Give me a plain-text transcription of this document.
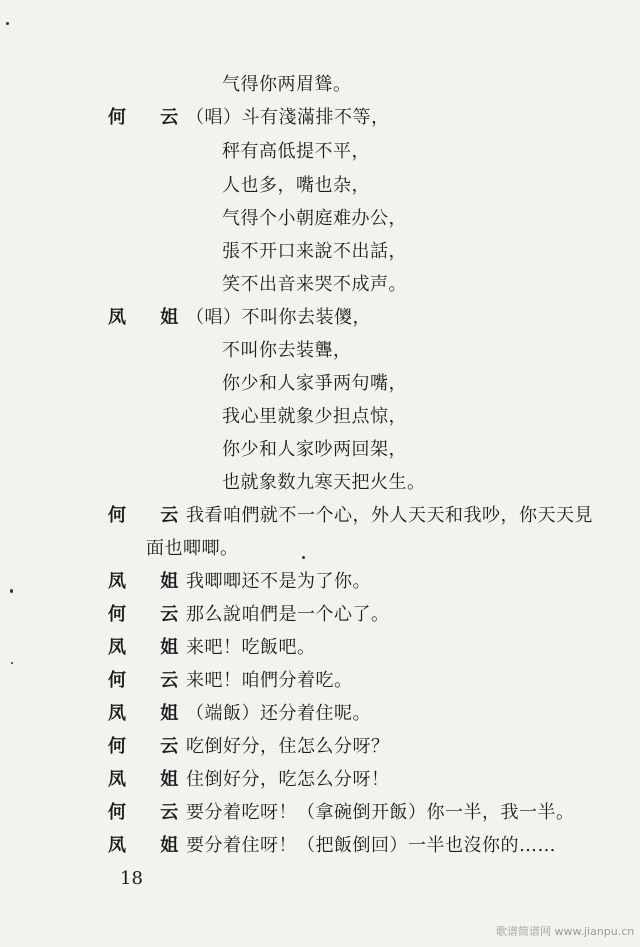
气得你两眉聳。
何 云
（唱）斗有淺滿排不等，
秤有高低提不平，
人也多，嘴也杂，
气得个小朝庭难办公，
張不开口来說不出話，
笑不出音来哭不成声。
凤 姐
（唱）不叫你去装儍，
不叫你去装聾，
你少和人家爭两句嘴，
我心里就象少担点惊，
你少和人家吵两回架，
也就象数九寒天把火生。
何 云
我看咱們就不一个心，外人天天和我吵，你天天見
面也唧唧。
凤 姐
我唧唧还不是为了你。
何 云
那么說咱們是一个心了。
凤 姐
来吧！吃飯吧。
何 云
来吧！咱們分着吃。
凤 姐
（端飯）还分着住呢。
何 云
吃倒好分，住怎么分呀？
凤 姐
住倒好分，吃怎么分呀！
何 云
要分着吃呀！（拿碗倒开飯）你一半，我一半。
凤 姐
要分着住呀！（把飯倒回）一半也沒你的……
18
歌谱简谱网 www.jianpu.cn
